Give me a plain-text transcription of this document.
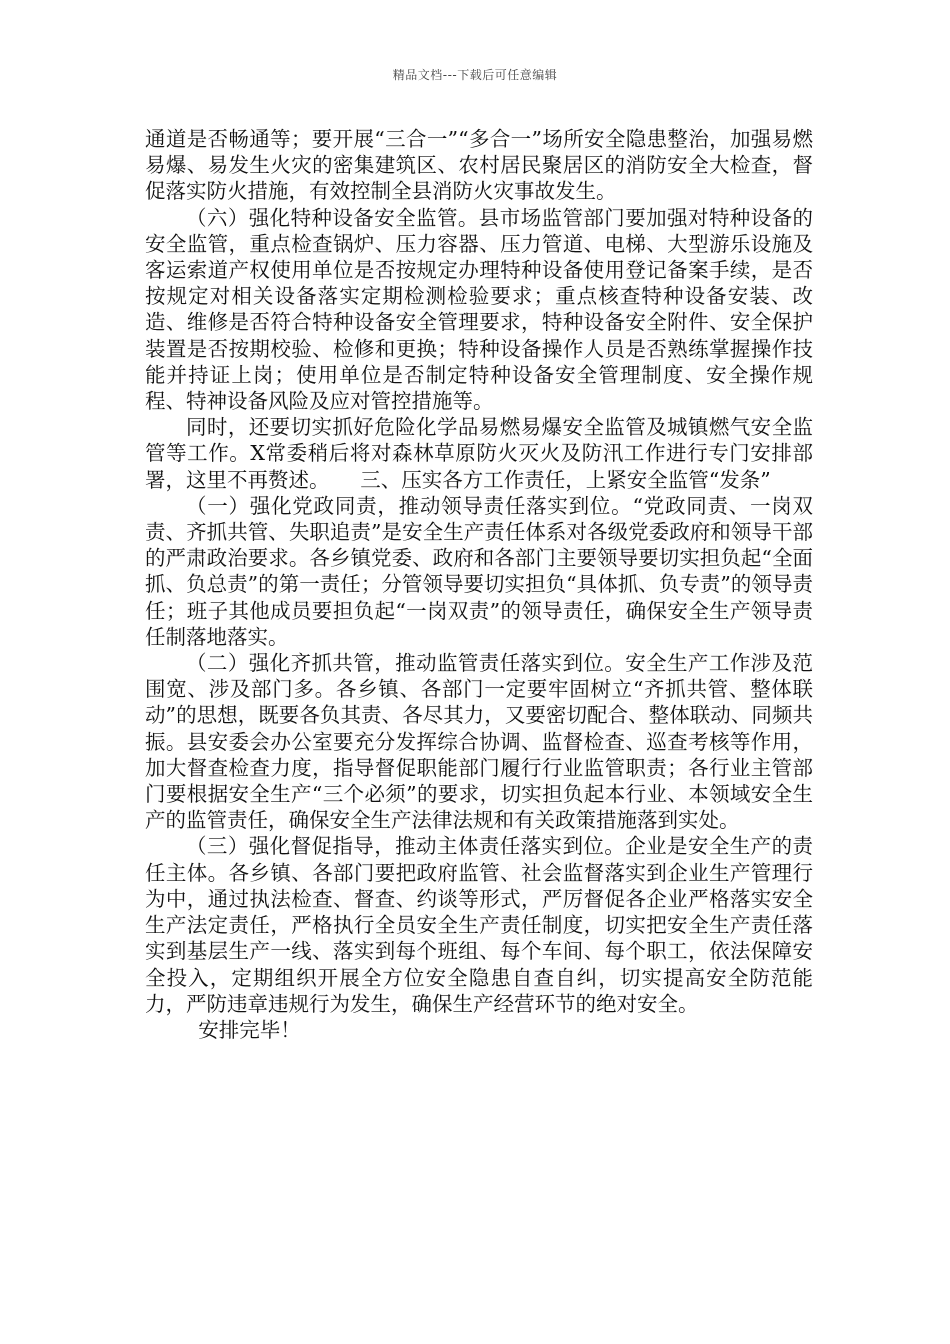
精品文档---下载后可任意编辑

通道是否畅通等；要开展“三合一”“多合一”场所安全隐患整治，加强易燃易爆、易发生火灾的密集建筑区、农村居民聚居区的消防安全大检查，督促落实防火措施，有效控制全县消防火灾事故发生。

（六）强化特种设备安全监管。县市场监管部门要加强对特种设备的安全监管，重点检查锅炉、压力容器、压力管道、电梯、大型游乐设施及客运索道产权使用单位是否按规定办理特种设备使用登记备案手续，是否按规定对相关设备落实定期检测检验要求；重点核查特种设备安装、改造、维修是否符合特种设备安全管理要求，特种设备安全附件、安全保护装置是否按期校验、检修和更换；特种设备操作人员是否熟练掌握操作技能并持证上岗；使用单位是否制定特种设备安全管理制度、安全操作规程、特神设备风险及应对管控措施等。

同时，还要切实抓好危险化学品易燃易爆安全监管及城镇燃气安全监管等工作。X常委稍后将对森林草原防火灭火及防汛工作进行专门安排部署，这里不再赘述。　　三、压实各方工作责任，上紧安全监管“发条”

（一）强化党政同责，推动领导责任落实到位。“党政同责、一岗双责、齐抓共管、失职追责”是安全生产责任体系对各级党委政府和领导干部的严肃政治要求。各乡镇党委、政府和各部门主要领导要切实担负起“全面抓、负总责”的第一责任；分管领导要切实担负“具体抓、负专责”的领导责任；班子其他成员要担负起“一岗双责”的领导责任，确保安全生产领导责任制落地落实。

（二）强化齐抓共管，推动监管责任落实到位。安全生产工作涉及范围宽、涉及部门多。各乡镇、各部门一定要牢固树立“齐抓共管、整体联动”的思想，既要各负其责、各尽其力，又要密切配合、整体联动、同频共振。县安委会办公室要充分发挥综合协调、监督检查、巡查考核等作用，加大督查检查力度，指导督促职能部门履行行业监管职责；各行业主管部门要根据安全生产“三个必须”的要求，切实担负起本行业、本领域安全生产的监管责任，确保安全生产法律法规和有关政策措施落到实处。

（三）强化督促指导，推动主体责任落实到位。企业是安全生产的责任主体。各乡镇、各部门要把政府监管、社会监督落实到企业生产管理行为中，通过执法检查、督查、约谈等形式，严厉督促各企业严格落实安全生产法定责任，严格执行全员安全生产责任制度，切实把安全生产责任落实到基层生产一线、落实到每个班组、每个车间、每个职工，依法保障安全投入，定期组织开展全方位安全隐患自查自纠，切实提高安全防范能力，严防违章违规行为发生，确保生产经营环节的绝对安全。

安排完毕！
